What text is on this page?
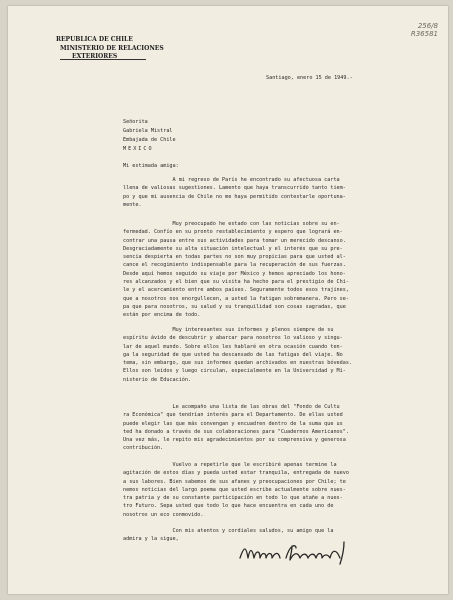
REPUBLICA DE CHILE
MINISTERIO DE RELACIONES
EXTERIORES
256/8
R36581
Santiago, enero 15 de 1949.-
Señorita
Gabriela Mistral
Embajada de Chile
MEXICO
Mi estimada amiga:
A mi regreso de París he encontrado su afectuosa carta
llena de valiosas sugestiones. Lamento que haya transcurrido tanto tiem-
po y que mi ausencia de Chile no me haya permitido contestarle oportuna-
mente.
Muy preocupado he estado con las noticias sobre su en-
fermedad. Confío en su pronto restablecimiento y espero que logrará en-
contrar una pausa entre sus actividades para tomar un merecido descanso.
Desgraciadamente su alta situación intelectual y el interés que su pre-
sencia despierta en todas partes no son muy propicias para que usted al-
cance el recogimiento indispensable para la recuperación de sus fuerzas.
Desde aquí hemos seguido su viaje por México y hemos apreciado los hono-
res alcanzados y el bien que su visita ha hecho para el prestigio de Chi-
le y el acercamiento entre ambos países. Seguramente todos esos trajines,
que a nosotros nos enorgullecen, a usted la fatigan sobremanera. Pero se-
pa que para nosotros, su salud y su tranquilidad son cosas sagradas, que
están por encima de todo.
Muy interesantes sus informes y plenos siempre de su
espíritu ávido de descubrir y abarcar para nosotros lo valioso y singu-
lar de aquel mundo. Sobre ellos les hablaré en otra ocasión cuando ten-
ga la seguridad de que usted ha descansado de las fatigas del viaje. No
tema, sin embargo, que sus informes quedan archivados en nuestras bóvedas.
Ellos son leídos y luego circulan, especialmente en la Universidad y Mi-
nisterio de Educación.
Le acompaño una lista de las obras del "Fondo de Cultu
ra Económica" que tendrían interés para el Departamento. De ellas usted
puede elegir las que más convengan y encuadren dentro de la suma que us
ted ha donado a través de sus colaboraciones para "Cuadernos Americanos".
Una vez más, le repito mis agradecimientos por su comprensiva y generosa
contribución.
Vuelvo a repetirle que le escribiré apenas termine la
agitación de estos días y pueda usted estar tranquila, entregada de nuevo
a sus labores. Bien sabemos de sus afanes y preocupaciones por Chile; te
nemos noticias del largo poema que usted escribe actualmente sobre nues-
tra patria y de su constante participación en todo lo que atañe a nues-
tro Futuro. Sepa usted que todo lo que hace encuentra en cada uno de
nosotros un eco conmovido.
Con mis atentos y cordiales saludos, su amigo que la
admira y la sigue,
